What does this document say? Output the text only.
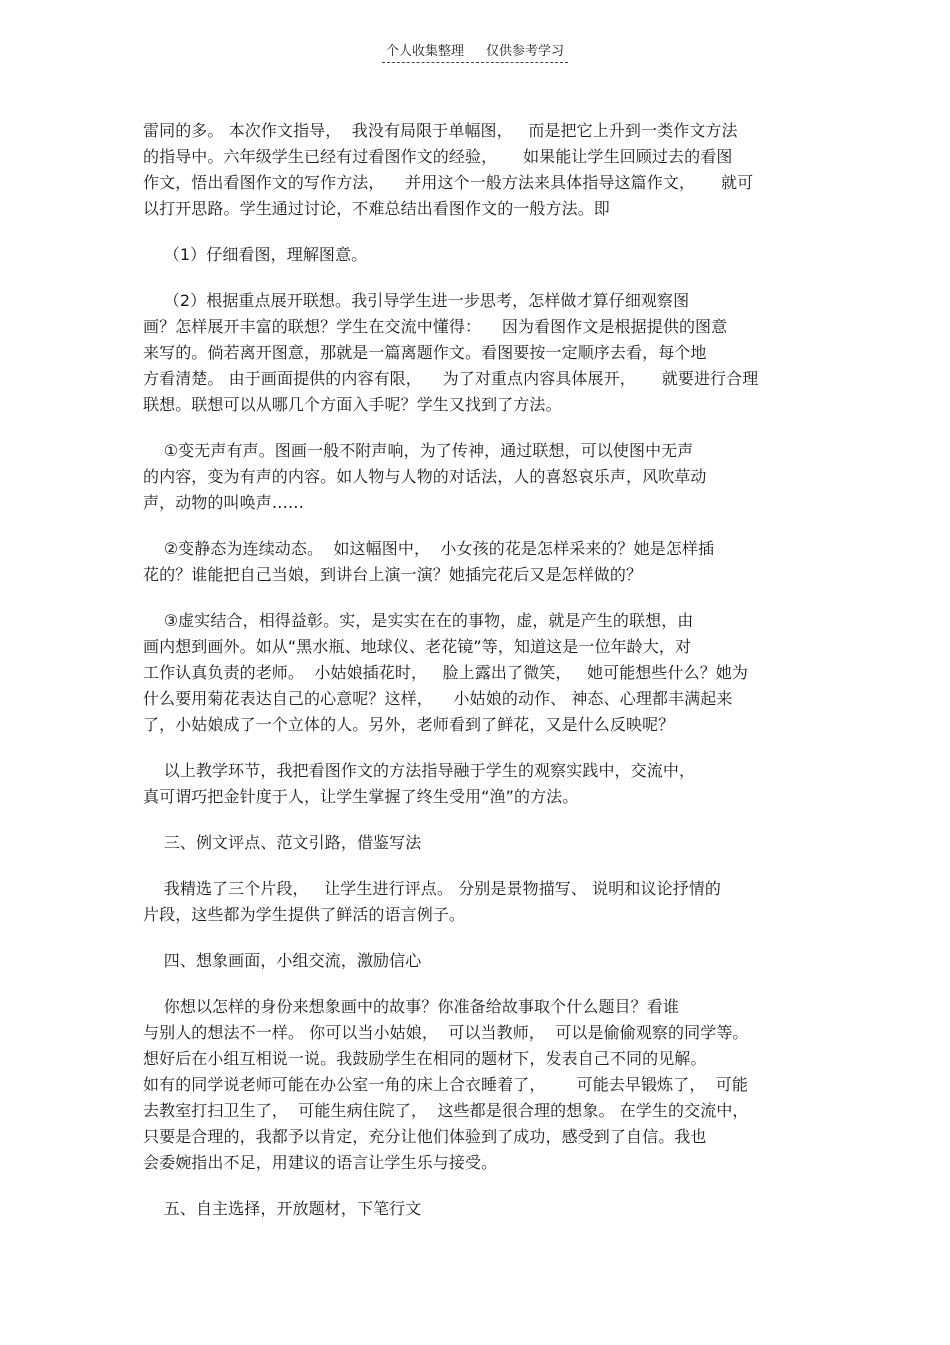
个人收集整理 仅供参考学习
雷同的多。 本次作文指导，  我没有局限于单幅图，   而是把它上升到一类作文方法
的指导中。六年级学生已经有过看图作文的经验，     如果能让学生回顾过去的看图
作文，悟出看图作文的写作方法，    并用这个一般方法来具体指导这篇作文，     就可
以打开思路。学生通过讨论，不难总结出看图作文的一般方法。即
（1）仔细看图，理解图意。
（2）根据重点展开联想。我引导学生进一步思考，怎样做才算仔细观察图
画？怎样展开丰富的联想？学生在交流中懂得：    因为看图作文是根据提供的图意
来写的。倘若离开图意，那就是一篇离题作文。看图要按一定顺序去看，每个地
方看清楚。 由于画面提供的内容有限，    为了对重点内容具体展开，     就要进行合理
联想。联想可以从哪几个方面入手呢？学生又找到了方法。
①变无声有声。图画一般不附声响，为了传神，通过联想，可以使图中无声
的内容，变为有声的内容。如人物与人物的对话法，人的喜怒哀乐声，风吹草动
声，动物的叫唤声……
②变静态为连续动态。  如这幅图中，  小女孩的花是怎样采来的？她是怎样插
花的？谁能把自己当娘，到讲台上演一演？她插完花后又是怎样做的？
③虚实结合，相得益彰。实，是实实在在的事物，虚，就是产生的联想，由
画内想到画外。如从“黑水瓶、地球仪、老花镜”等，知道这是一位年龄大，对
工作认真负责的老师。  小姑娘插花时，   脸上露出了微笑，   她可能想些什么？她为
什么要用菊花表达自己的心意呢？这样，    小姑娘的动作、 神态、心理都丰满起来
了，小姑娘成了一个立体的人。另外，老师看到了鲜花，又是什么反映呢？
以上教学环节，我把看图作文的方法指导融于学生的观察实践中，交流中，
真可谓巧把金针度于人，让学生掌握了终生受用“渔”的方法。
三、例文评点、范文引路，借鉴写法
我精选了三个片段，   让学生进行评点。 分别是景物描写、 说明和议论抒情的
片段，这些都为学生提供了鲜活的语言例子。
四、想象画面，小组交流，激励信心
你想以怎样的身份来想象画中的故事？你准备给故事取个什么题目？看谁
与别人的想法不一样。 你可以当小姑娘，  可以当教师，  可以是偷偷观察的同学等。
想好后在小组互相说一说。我鼓励学生在相同的题材下，发表自己不同的见解。
如有的同学说老师可能在办公室一角的床上合衣睡着了，      可能去早锻炼了，  可能
去教室打扫卫生了，  可能生病住院了，  这些都是很合理的想象。 在学生的交流中，
只要是合理的，我都予以肯定，充分让他们体验到了成功，感受到了自信。我也
会委婉指出不足，用建议的语言让学生乐与接受。
五、自主选择，开放题材，下笔行文
